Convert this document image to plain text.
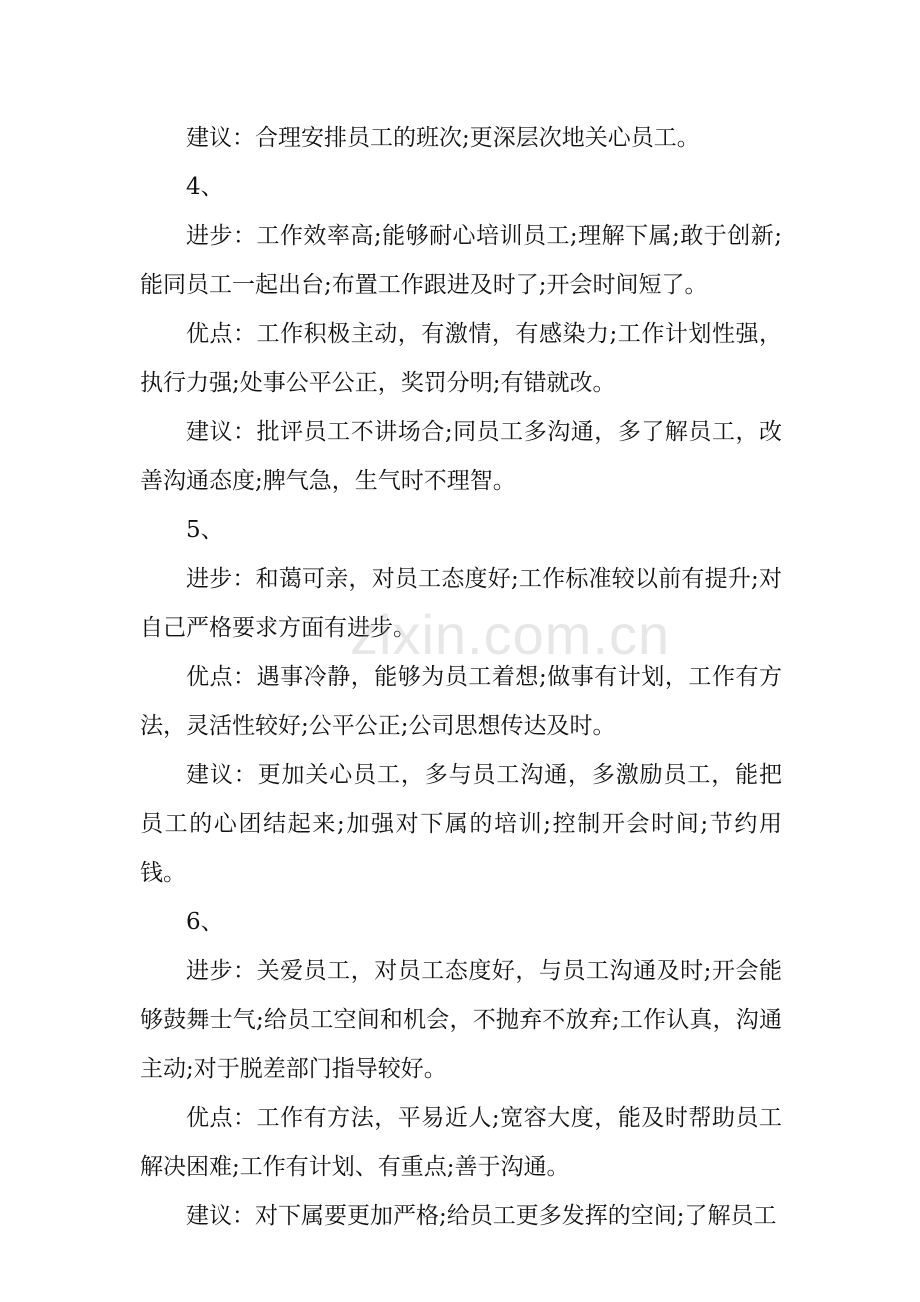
建议：合理安排员工的班次;更深层次地关心员工。

4、

进步：工作效率高;能够耐心培训员工;理解下属;敢于创新;能同员工一起出台;布置工作跟进及时了;开会时间短了。

优点：工作积极主动，有激情，有感染力;工作计划性强，执行力强;处事公平公正，奖罚分明;有错就改。

建议：批评员工不讲场合;同员工多沟通，多了解员工，改善沟通态度;脾气急，生气时不理智。

5、

进步：和蔼可亲，对员工态度好;工作标准较以前有提升;对自己严格要求方面有进步。

优点：遇事冷静，能够为员工着想;做事有计划，工作有方法，灵活性较好;公平公正;公司思想传达及时。

建议：更加关心员工，多与员工沟通，多激励员工，能把员工的心团结起来;加强对下属的培训;控制开会时间;节约用钱。

6、

进步：关爱员工，对员工态度好，与员工沟通及时;开会能够鼓舞士气;给员工空间和机会，不抛弃不放弃;工作认真，沟通主动;对于脱差部门指导较好。

优点：工作有方法，平易近人;宽容大度，能及时帮助员工解决困难;工作有计划、有重点;善于沟通。

建议：对下属要更加严格;给员工更多发挥的空间;了解员工

zixin.com.cn
